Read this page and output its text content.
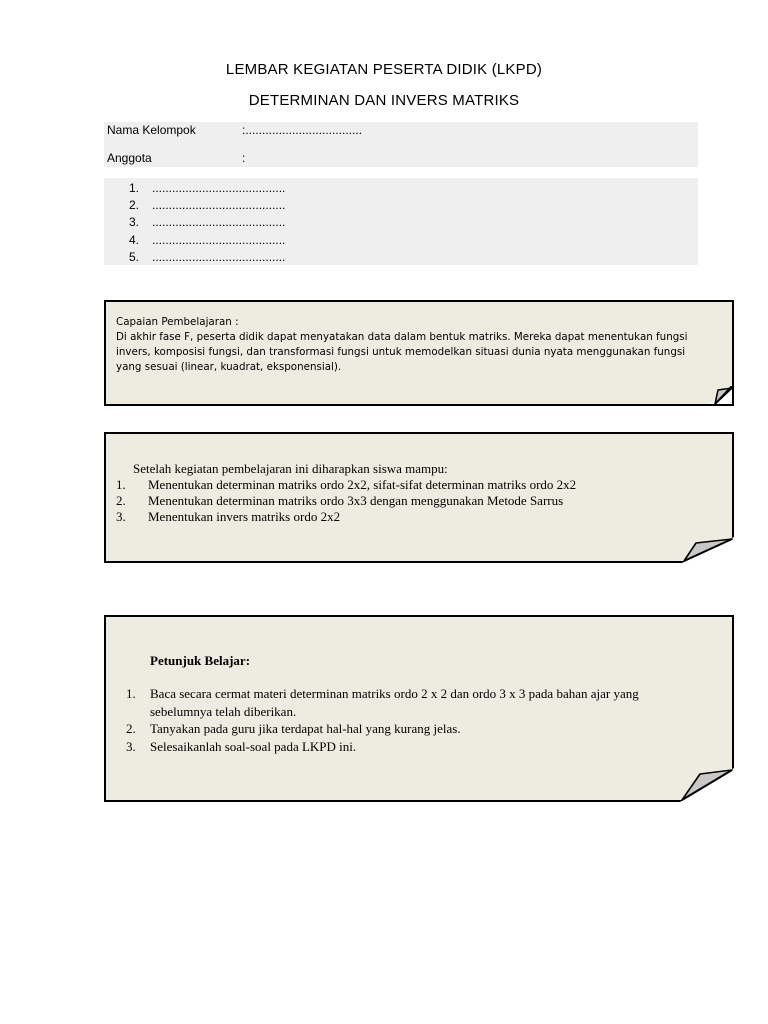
LEMBAR KEGIATAN PESERTA DIDIK (LKPD)
DETERMINAN DAN INVERS MATRIKS
Nama Kelompok	:...................................
Anggota	:
1. ........................................
2. ........................................
3. ........................................
4. ........................................
5. ........................................
Capaian Pembelajaran :
Di akhir fase F, peserta didik dapat menyatakan data dalam bentuk matriks. Mereka dapat menentukan fungsi
invers, komposisi fungsi, dan transformasi fungsi untuk memodelkan situasi dunia nyata menggunakan fungsi
yang sesuai (linear, kuadrat, eksponensial).
Setelah kegiatan pembelajaran ini diharapkan siswa mampu:
1. Menentukan determinan matriks ordo 2x2, sifat-sifat determinan matriks ordo 2x2
2. Menentukan determinan matriks ordo 3x3 dengan menggunakan Metode Sarrus
3. Menentukan invers matriks ordo 2x2
Petunjuk Belajar:
1. Baca secara cermat materi determinan matriks ordo 2 x 2 dan ordo 3 x 3 pada bahan ajar yang sebelumnya telah diberikan.
2. Tanyakan pada guru jika terdapat hal-hal yang kurang jelas.
3. Selesaikanlah soal-soal pada LKPD ini.
